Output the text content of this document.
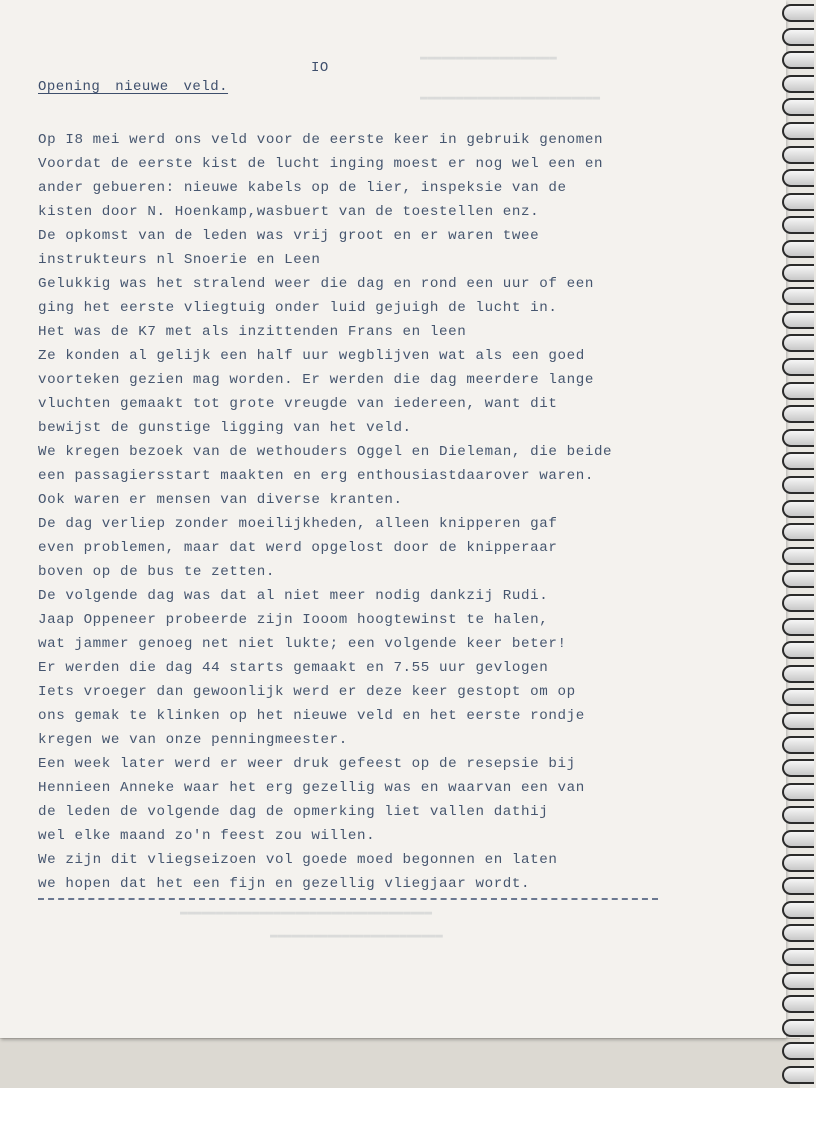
▬▬▬▬▬▬▬▬▬▬▬▬▬▬▬▬▬▬▬
▬▬▬▬▬▬▬▬▬▬▬▬▬▬▬▬▬▬▬▬▬▬▬▬▬
▬▬▬▬▬▬▬▬▬▬▬▬▬▬▬▬▬▬▬▬▬▬▬▬▬▬▬▬▬▬▬▬▬▬▬
▬▬▬▬▬▬▬▬▬▬▬▬▬▬▬▬▬▬▬▬▬▬▬▬
IO
Opening nieuwe veld.
Op I8 mei werd ons veld voor de eerste keer in gebruik genomen
Voordat de eerste kist de lucht inging moest er nog wel een en
ander gebueren: nieuwe kabels op de lier, inspeksie van de
kisten door N. Hoenkamp,wasbuert van de toestellen enz.
De opkomst van de leden was vrij groot en er waren twee
instrukteurs nl Snoerie en Leen
Gelukkig was het stralend weer die dag en rond een uur of een
ging het eerste vliegtuig onder luid gejuigh de lucht in.
Het was de K7 met als inzittenden Frans en leen
Ze konden al gelijk een half uur wegblijven wat als een goed
voorteken gezien mag worden. Er werden die dag meerdere lange
vluchten gemaakt tot grote vreugde van iedereen, want dit
bewijst de gunstige ligging van het veld.
We kregen bezoek van de wethouders Oggel en Dieleman, die beide
een passagiersstart maakten en erg enthousiastdaarover waren.
Ook waren er mensen van diverse kranten.
De dag verliep zonder moeilijkheden, alleen knipperen gaf
even problemen, maar dat werd opgelost door de knipperaar
boven op de bus te zetten.
De volgende dag was dat al niet meer nodig dankzij Rudi.
Jaap Oppeneer probeerde zijn Iooom hoogtewinst te halen,
wat jammer genoeg net niet lukte; een volgende keer beter!
Er werden die dag 44 starts gemaakt en 7.55 uur gevlogen
Iets vroeger dan gewoonlijk werd er deze keer gestopt om op
ons gemak te klinken op het nieuwe veld en het eerste rondje
kregen we van onze penningmeester.
Een week later werd er weer druk gefeest op de resepsie bij
Hennieen Anneke waar het erg gezellig was en waarvan een van
de leden de volgende dag de opmerking liet vallen dathij
wel elke maand zo'n feest zou willen.
We zijn dit vliegseizoen vol goede moed begonnen en laten
we hopen dat het een fijn en gezellig vliegjaar wordt.
